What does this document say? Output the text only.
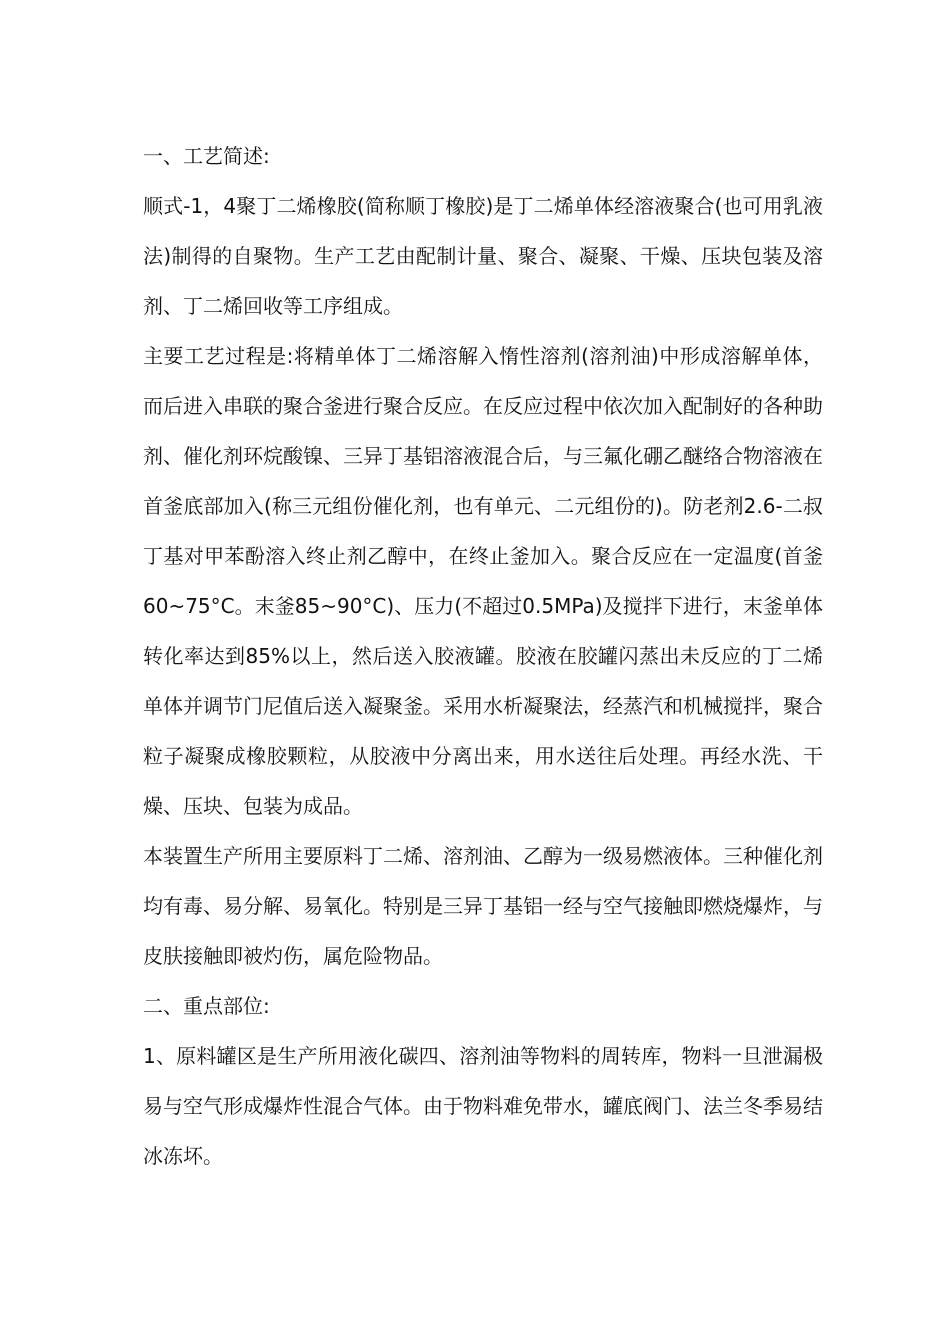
一、工艺简述:

顺式-1，4聚丁二烯橡胶(简称顺丁橡胶)是丁二烯单体经溶液聚合(也可用乳液法)制得的自聚物。生产工艺由配制计量、聚合、凝聚、干燥、压块包装及溶剂、丁二烯回收等工序组成。

主要工艺过程是:将精单体丁二烯溶解入惰性溶剂(溶剂油)中形成溶解单体，而后进入串联的聚合釜进行聚合反应。在反应过程中依次加入配制好的各种助剂、催化剂环烷酸镍、三异丁基铝溶液混合后，与三氟化硼乙醚络合物溶液在首釜底部加入(称三元组份催化剂，也有单元、二元组份的)。防老剂2.6-二叔丁基对甲苯酚溶入终止剂乙醇中，在终止釜加入。聚合反应在一定温度(首釜60~75°C。末釜85~90°C)、压力(不超过0.5MPa)及搅拌下进行，末釜单体转化率达到85%以上，然后送入胶液罐。胶液在胶罐闪蒸出未反应的丁二烯单体并调节门尼值后送入凝聚釜。采用水析凝聚法，经蒸汽和机械搅拌，聚合粒子凝聚成橡胶颗粒，从胶液中分离出来，用水送往后处理。再经水洗、干燥、压块、包装为成品。

本装置生产所用主要原料丁二烯、溶剂油、乙醇为一级易燃液体。三种催化剂均有毒、易分解、易氧化。特别是三异丁基铝一经与空气接触即燃烧爆炸，与皮肤接触即被灼伤，属危险物品。

二、重点部位:

1、原料罐区是生产所用液化碳四、溶剂油等物料的周转库，物料一旦泄漏极易与空气形成爆炸性混合气体。由于物料难免带水，罐底阀门、法兰冬季易结冰冻坏。
